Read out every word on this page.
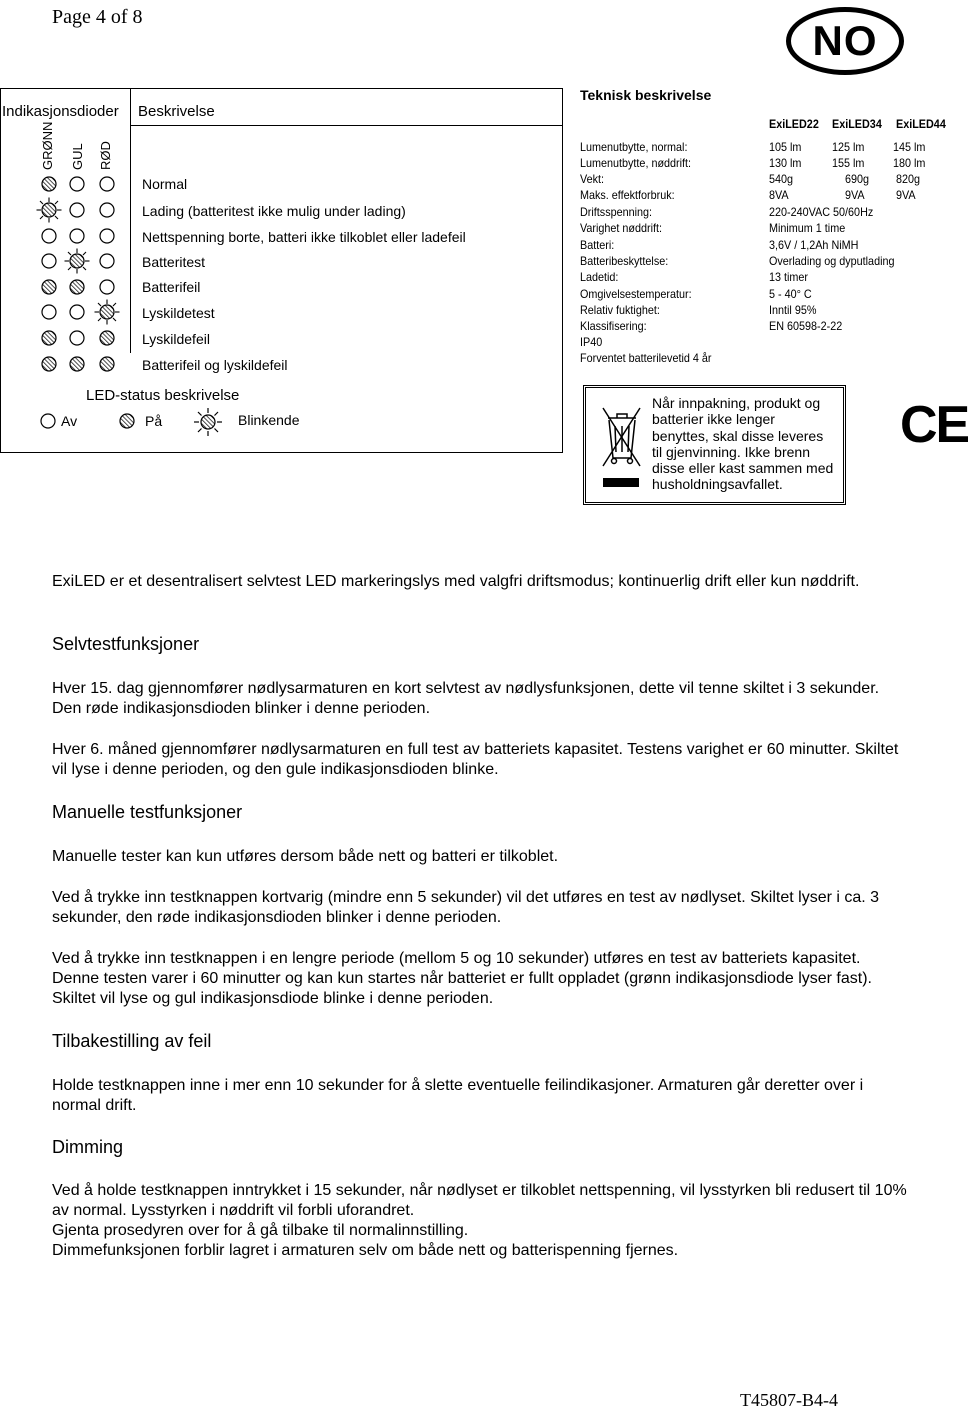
Page 4 of 8	NO
T45807-B4-4
Indikasjonsdioder Beskrivelse
GRØNN GUL RØD
Normal
Lading (batteritest ikke mulig under lading)
Nettspenning borte, batteri ikke tilkoblet eller ladefeil
Batteritest
Batterifeil
Lyskildetest
Lyskildefeil
Batterifeil og lyskildefeil
LED-status beskrivelse
Av	På	Blinkende
Teknisk beskrivelse
ExiLED22 ExiLED34 ExiLED44
Lumenutbytte, normal:	105 lm	125 lm 145 lm
Lumenutbytte, nøddrift:	130 lm	155 lm 180 lm
Vekt:	540g	690g 820g
Maks. effektforbruk:	8VA	9VA	9VA
Driftsspenning:	220-240VAC 50/60Hz
Varighet nøddrift:	Minimum 1 time
Batteri:	3,6V / 1,2Ah NiMH
Batteribeskyttelse:	Overlading og dyputlading
Ladetid:	13 timer
Omgivelsestemperatur:	5 - 40° C
Relativ fuktighet:	Inntil 95%
Klassifisering:	EN 60598-2-22
IP40
Forventet batterilevetid 4 år
Når innpakning, produkt og
batterier ikke lenger
benyttes, skal disse leveres
til gjenvinning. Ikke brenn
disse eller kast sammen med
husholdningsavfallet.
CE
ExiLED er et desentralisert selvtest LED markeringslys med valgfri driftsmodus; kontinuerlig drift eller kun nøddrift.
Selvtestfunksjoner
Hver 15. dag gjennomfører nødlysarmaturen en kort selvtest av nødlysfunksjonen, dette vil tenne skiltet i 3 sekunder. Den røde indikasjonsdioden blinker i denne perioden.
Hver 6. måned gjennomfører nødlysarmaturen en full test av batteriets kapasitet. Testens varighet er 60 minutter. Skiltet vil lyse i denne perioden, og den gule indikasjonsdioden blinke.
Manuelle testfunksjoner
Manuelle tester kan kun utføres dersom både nett og batteri er tilkoblet.
Ved å trykke inn testknappen kortvarig (mindre enn 5 sekunder) vil det utføres en test av nødlyset. Skiltet lyser i ca. 3 sekunder, den røde indikasjonsdioden blinker i denne perioden.
Ved å trykke inn testknappen i en lengre periode (mellom 5 og 10 sekunder) utføres en test av batteriets kapasitet. Denne testen varer i 60 minutter og kan kun startes når batteriet er fullt oppladet (grønn indikasjonsdiode lyser fast). Skiltet vil lyse og gul indikasjonsdiode blinke i denne perioden.
Tilbakestilling av feil
Holde testknappen inne i mer enn 10 sekunder for å slette eventuelle feilindikasjoner. Armaturen går deretter over i normal drift.
Dimming
Ved å holde testknappen inntrykket i 15 sekunder, når nødlyset er tilkoblet nettspenning, vil lysstyrken bli redusert til 10% av normal. Lysstyrken i nøddrift vil forbli uforandret.
Gjenta prosedyren over for å gå tilbake til normalinnstilling.
Dimmefunksjonen forblir lagret i armaturen selv om både nett og batterispenning fjernes.
